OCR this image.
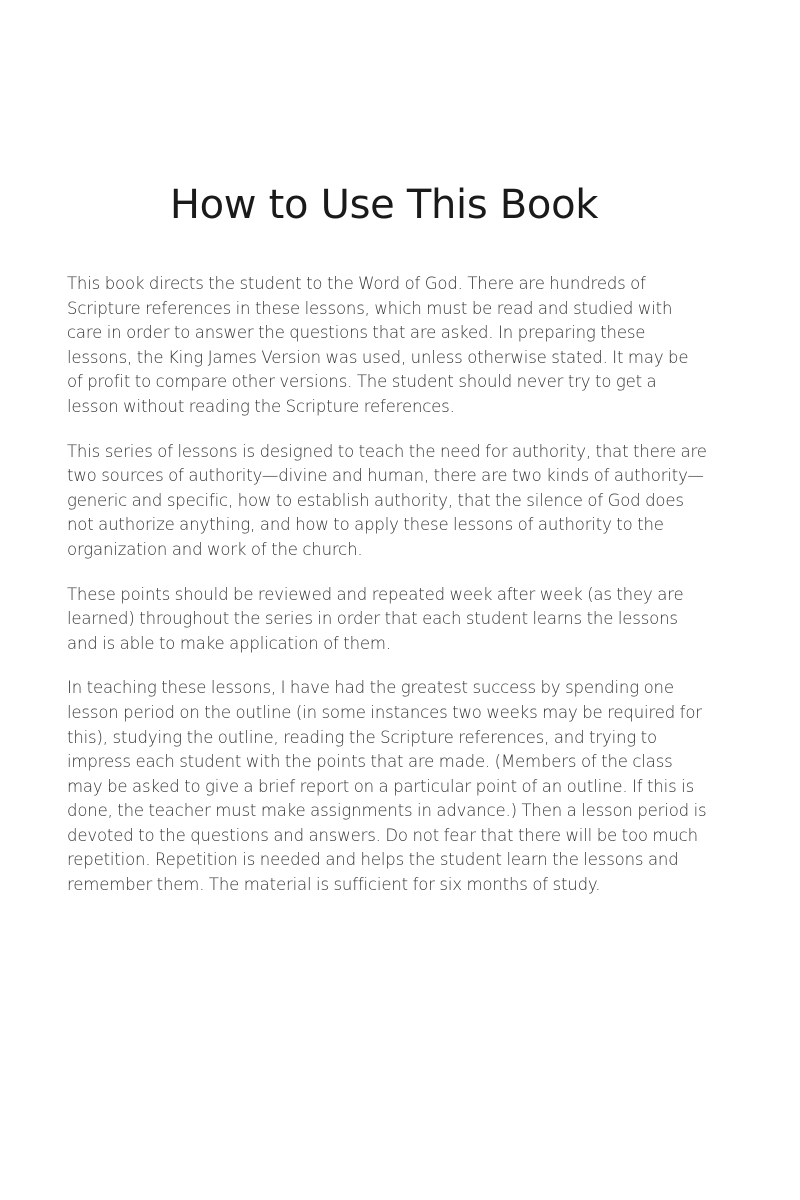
How to Use This Book

This book directs the student to the Word of God. There are hundreds of Scripture references in these lessons, which must be read and studied with care in order to answer the questions that are asked. In preparing these lessons, the King James Version was used, unless otherwise stated. It may be of profit to compare other versions. The student should never try to get a lesson without reading the Scripture references.

This series of lessons is designed to teach the need for authority, that there are two sources of authority—divine and human, there are two kinds of authority—generic and specific, how to establish authority, that the silence of God does not authorize anything, and how to apply these lessons of authority to the organization and work of the church.

These points should be reviewed and repeated week after week (as they are learned) throughout the series in order that each student learns the lessons and is able to make application of them.

In teaching these lessons, I have had the greatest success by spending one lesson period on the outline (in some instances two weeks may be required for this), studying the outline, reading the Scripture references, and trying to impress each student with the points that are made. (Members of the class may be asked to give a brief report on a particular point of an outline. If this is done, the teacher must make assignments in advance.) Then a lesson period is devoted to the questions and answers. Do not fear that there will be too much repetition. Repetition is needed and helps the student learn the lessons and remember them. The material is sufficient for six months of study.
